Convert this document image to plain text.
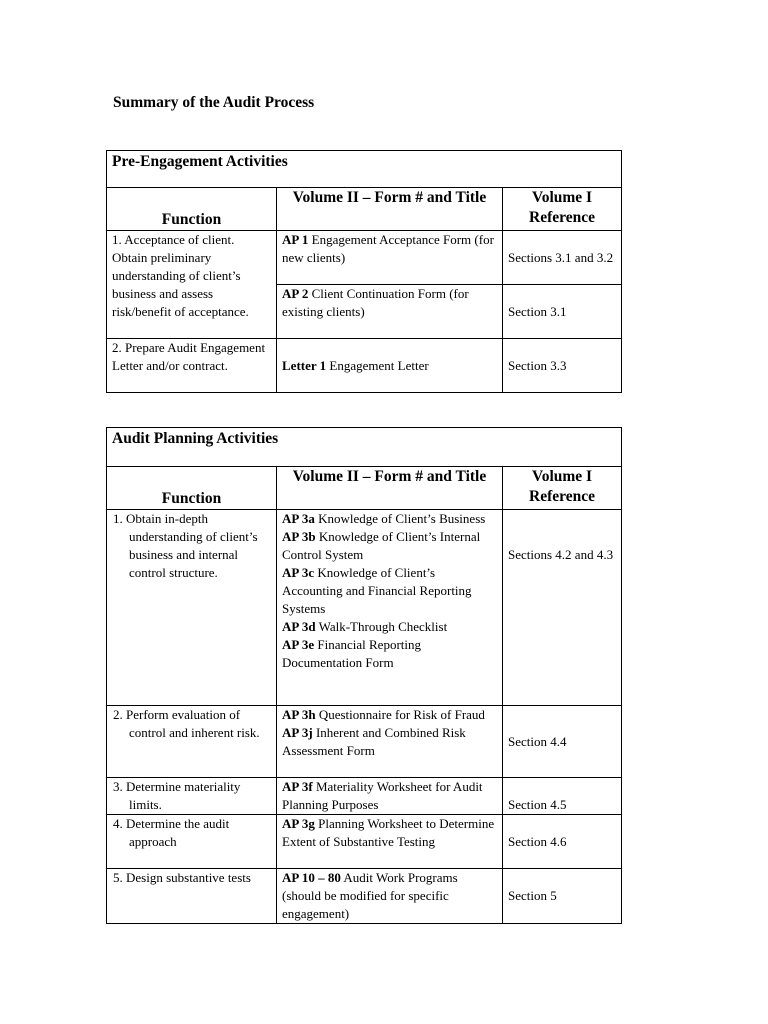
Summary of the Audit Process
Pre-Engagement Activities		

Function	Volume II – Form # and Title	Volume I Reference
1. Acceptance of client. Obtain preliminary understanding of client’s business and assess risk/benefit of acceptance.	AP 1 Engagement Acceptance Form (for new clients)	Sections 3.1 and 3.2

	AP 2 Client Continuation Form (for existing clients)	Section 3.1
2. Prepare Audit Engagement Letter and/or contract.	Letter 1 Engagement Letter	Section 3.3
Audit Planning Activities		

Function	Volume II – Form # and Title	Volume I Reference
1. Obtain in-depth understanding of client’s business and internal control structure.	AP 3a Knowledge of Client’s Business
AP 3b Knowledge of Client’s Internal Control System
AP 3c Knowledge of Client’s Accounting and Financial Reporting Systems
AP 3d Walk-Through Checklist
AP 3e Financial Reporting Documentation Form	Sections 4.2 and 4.3
2. Perform evaluation of control and inherent risk.	AP 3h Questionnaire for Risk of Fraud
AP 3j Inherent and Combined Risk Assessment Form	Section 4.4
3. Determine materiality limits.	AP 3f Materiality Worksheet for Audit Planning Purposes	Section 4.5
4. Determine the audit approach	AP 3g Planning Worksheet to Determine Extent of Substantive Testing	Section 4.6
5. Design substantive tests	AP 10 – 80 Audit Work Programs (should be modified for specific engagement)	Section 5
